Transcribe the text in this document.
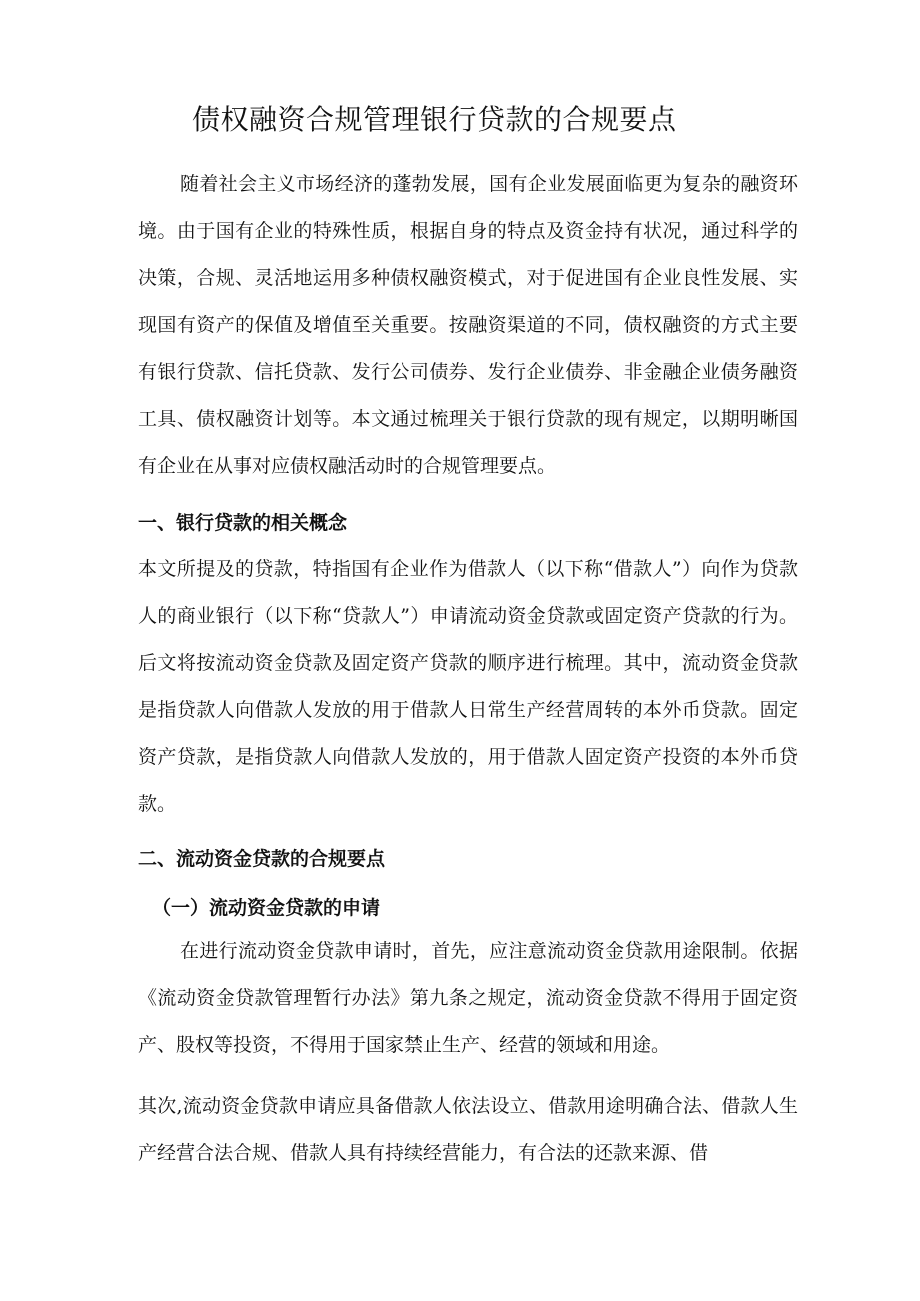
债权融资合规管理银行贷款的合规要点
随着社会主义市场经济的蓬勃发展，国有企业发展面临更为复杂的融资环境。由于国有企业的特殊性质，根据自身的特点及资金持有状况，通过科学的决策，合规、灵活地运用多种债权融资模式，对于促进国有企业良性发展、实现国有资产的保值及增值至关重要。按融资渠道的不同，债权融资的方式主要有银行贷款、信托贷款、发行公司债券、发行企业债券、非金融企业债务融资工具、债权融资计划等。本文通过梳理关于银行贷款的现有规定，以期明晰国有企业在从事对应债权融活动时的合规管理要点。
一、银行贷款的相关概念
本文所提及的贷款，特指国有企业作为借款人（以下称“借款人”）向作为贷款人的商业银行（以下称“贷款人”）申请流动资金贷款或固定资产贷款的行为。后文将按流动资金贷款及固定资产贷款的顺序进行梳理。其中，流动资金贷款是指贷款人向借款人发放的用于借款人日常生产经营周转的本外币贷款。固定资产贷款，是指贷款人向借款人发放的，用于借款人固定资产投资的本外币贷款。
二、流动资金贷款的合规要点
（一）流动资金贷款的申请
在进行流动资金贷款申请时，首先，应注意流动资金贷款用途限制。依据《流动资金贷款管理暂行办法》第九条之规定，流动资金贷款不得用于固定资产、股权等投资，不得用于国家禁止生产、经营的领域和用途。
其次,流动资金贷款申请应具备借款人依法设立、借款用途明确合法、借款人生产经营合法合规、借款人具有持续经营能力，有合法的还款来源、借
